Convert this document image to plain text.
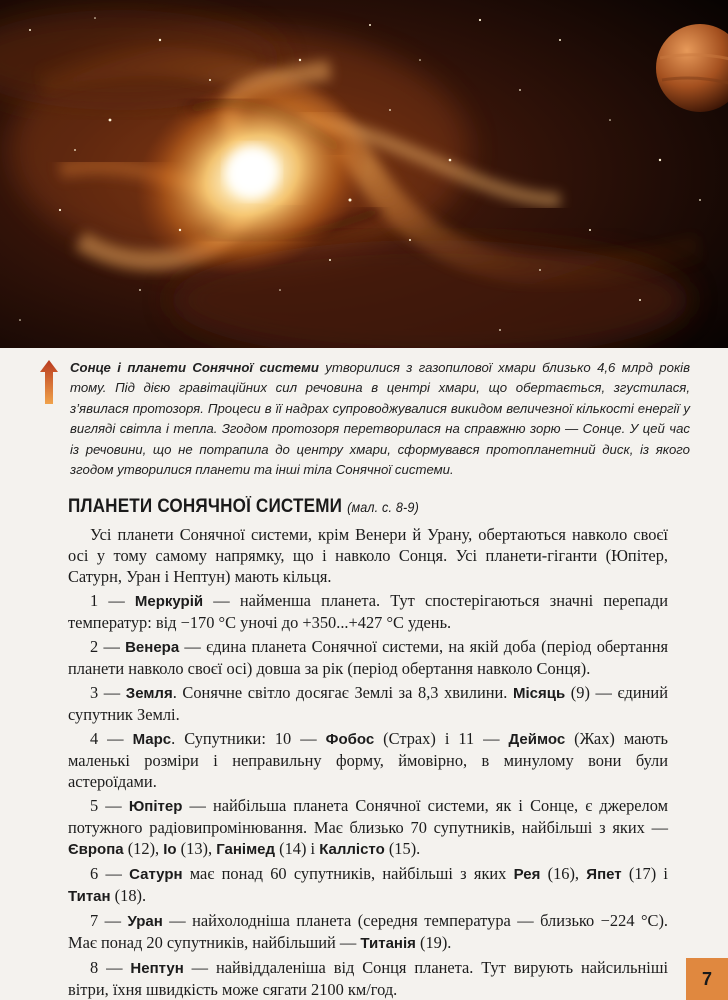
Сонце і планети Сонячної системи утворилися з газопилової хмари близько 4,6 млрд років тому. Під дією гравітаційних сил речовина в центрі хмари, що обертається, згустилася, з’явилася протозоря. Процеси в її надрах супроводжувалися викидом величезної кількості енергії у вигляді світла і тепла. Згодом протозоря перетворилася на справжню зорю — Сонце. У цей час із речовини, що не потрапила до центру хмари, сформувався протопланетний диск, із якого згодом утворилися планети та інші тіла Сонячної системи.
ПЛАНЕТИ СОНЯЧНОЇ СИСТЕМИ (мал. с. 8-9)

Усі планети Сонячної системи, крім Венери й Урану, обертаються навколо своєї осі у тому самому напрямку, що і навколо Сонця. Усі планети-гіганти (Юпітер, Сатурн, Уран і Нептун) мають кільця.

1 — Меркурій — найменша планета. Тут спостерігаються значні перепади температур: від −170 °С уночі до +350...+427 °С удень.

2 — Венера — єдина планета Сонячної системи, на якій доба (період обертання планети навколо своєї осі) довша за рік (період обертання навколо Сонця).

3 — Земля. Сонячне світло досягає Землі за 8,3 хвилини. Місяць (9) — єдиний супутник Землі.

4 — Марс. Супутники: 10 — Фобос (Страх) і 11 — Деймос (Жах) мають маленькі розміри і неправильну форму, ймовірно, в минулому вони були астероїдами.

5 — Юпітер — найбільша планета Сонячної системи, як і Сонце, є джерелом потужного радіовипромінювання. Має близько 70 супутників, найбільші з яких — Європа (12), Іо (13), Ганімед (14) і Каллісто (15).

6 — Сатурн має понад 60 супутників, найбільші з яких Рея (16), Япет (17) і Титан (18).

7 — Уран — найхолодніша планета (середня температура — близько −224 °С). Має понад 20 супутників, найбільший — Титанія (19).

8 — Нептун — найвіддаленіша від Сонця планета. Тут вирують найсильніші вітри, їхня швидкість може сягати 2100 км/год.

7
